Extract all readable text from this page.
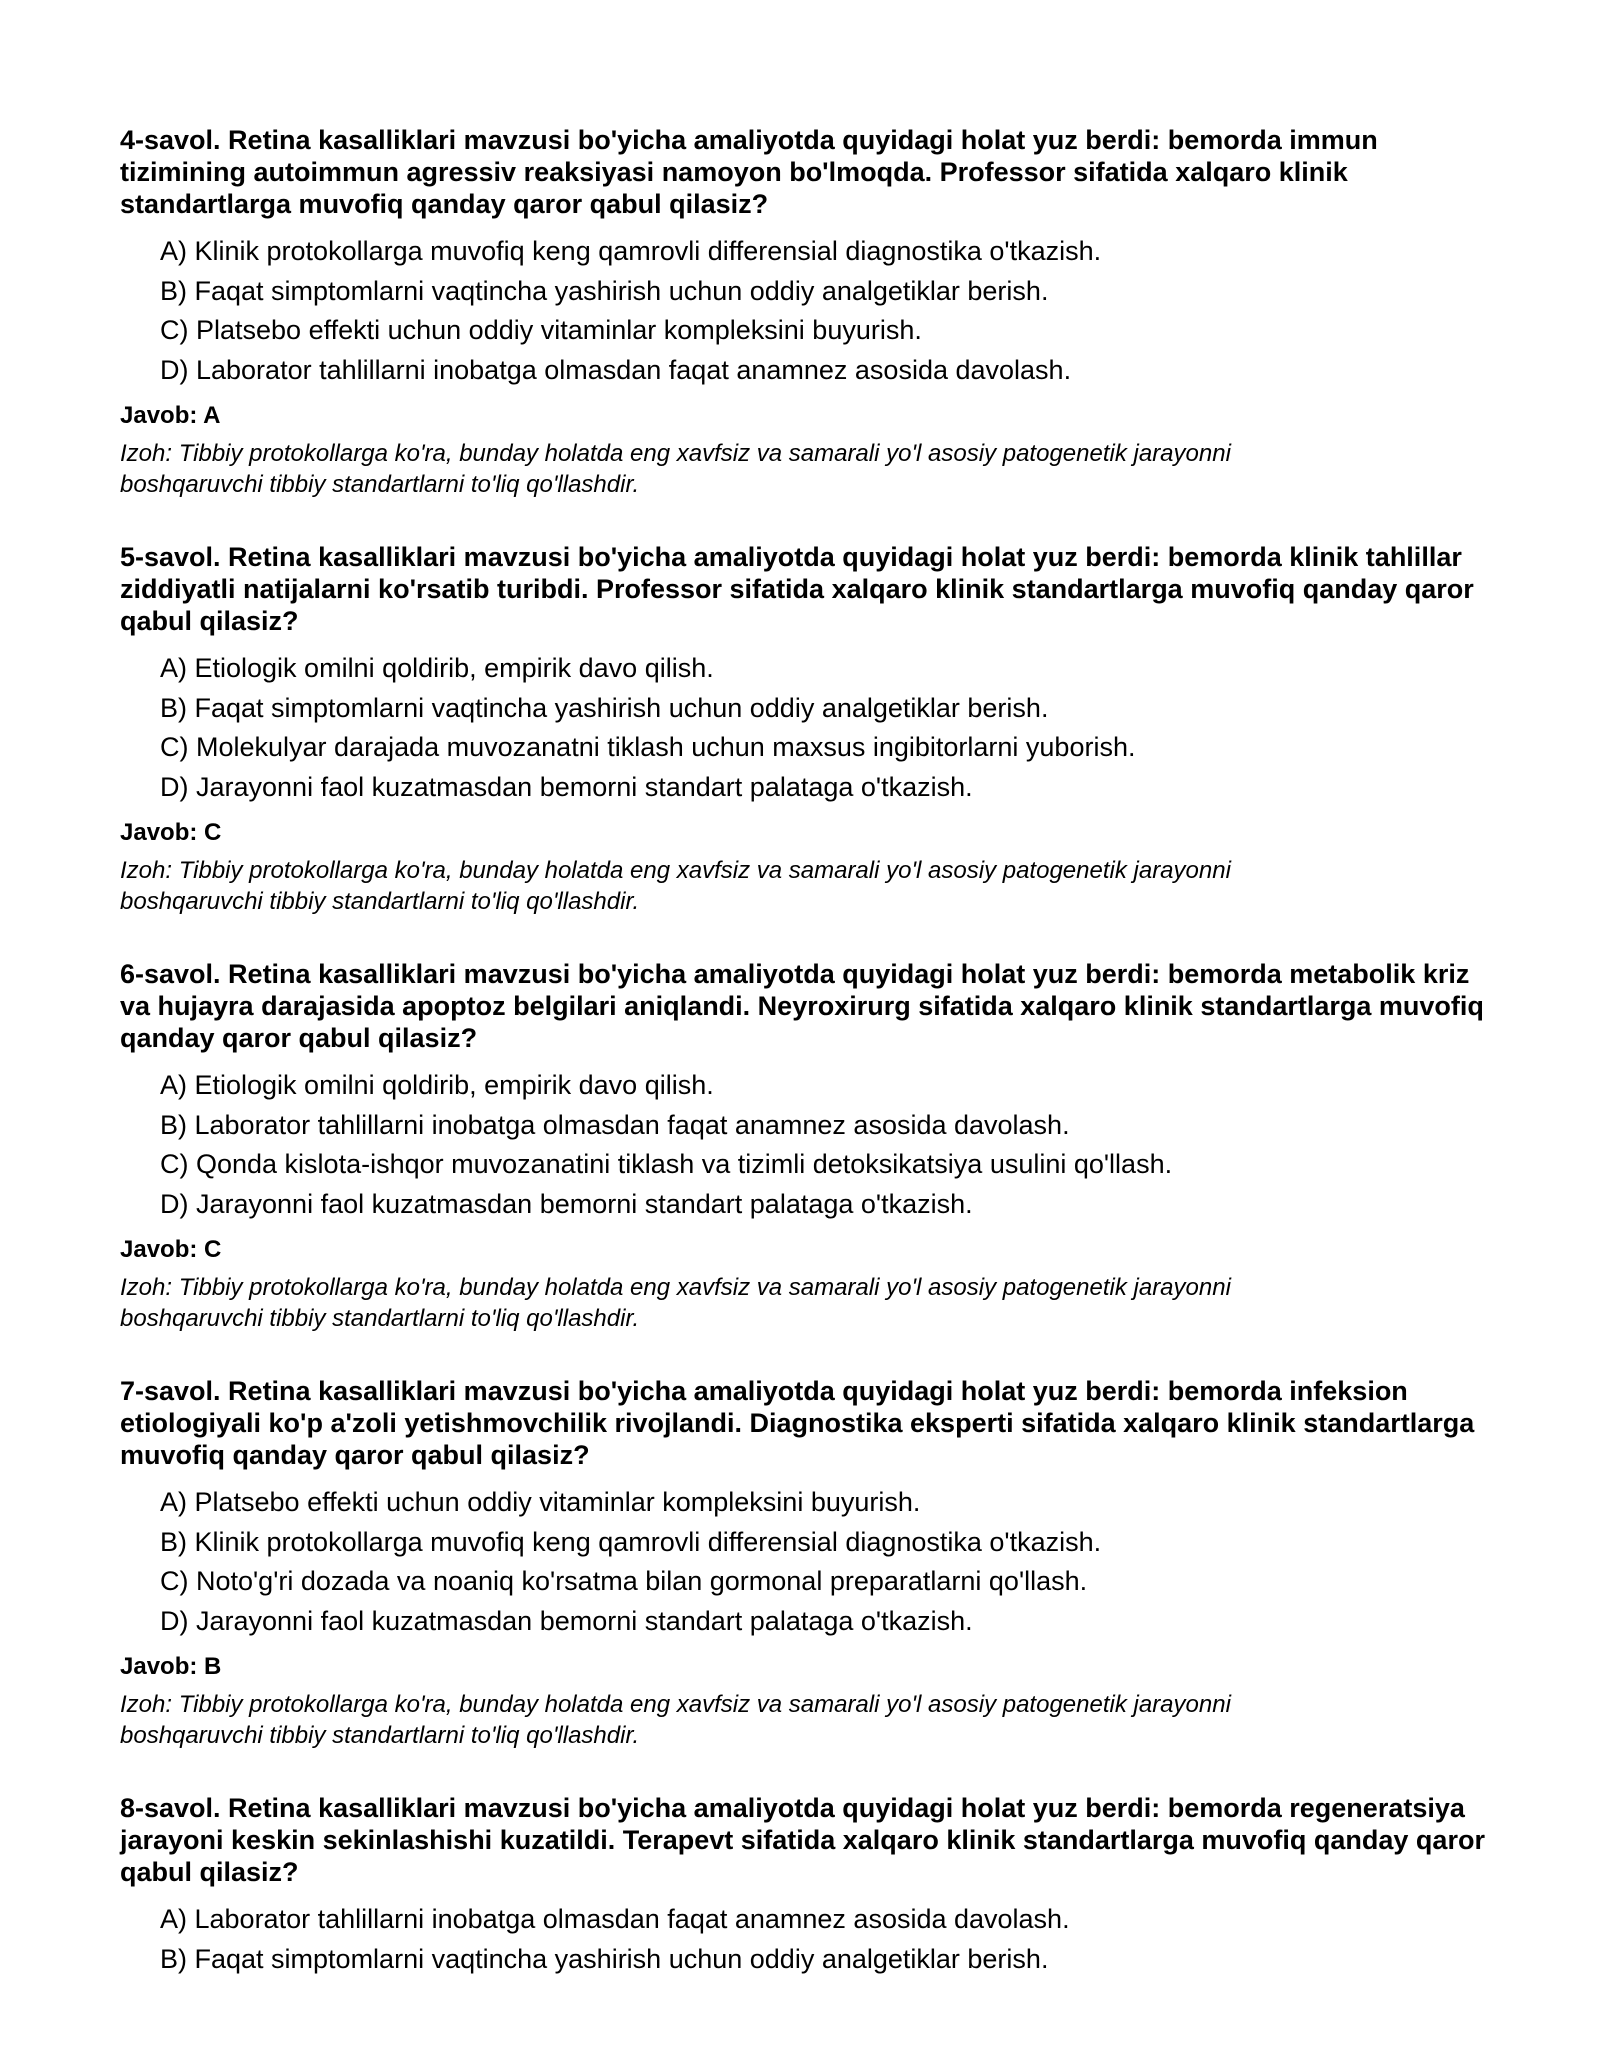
4-savol. Retina kasalliklari mavzusi bo'yicha amaliyotda quyidagi holat yuz berdi: bemorda immun tizimining autoimmun agressiv reaksiyasi namoyon bo'lmoqda. Professor sifatida xalqaro klinik standartlarga muvofiq qanday qaror qabul qilasiz?

A) Klinik protokollarga muvofiq keng qamrovli differensial diagnostika o'tkazish.
B) Faqat simptomlarni vaqtincha yashirish uchun oddiy analgetiklar berish.
C) Platsebo effekti uchun oddiy vitaminlar kompleksini buyurish.
D) Laborator tahlillarni inobatga olmasdan faqat anamnez asosida davolash.
Javob: A
Izoh: Tibbiy protokollarga ko'ra, bunday holatda eng xavfsiz va samarali yo'l asosiy patogenetik jarayonni boshqaruvchi tibbiy standartlarni to'liq qo'llashdir.

5-savol. Retina kasalliklari mavzusi bo'yicha amaliyotda quyidagi holat yuz berdi: bemorda klinik tahlillar ziddiyatli natijalarni ko'rsatib turibdi. Professor sifatida xalqaro klinik standartlarga muvofiq qanday qaror qabul qilasiz?

A) Etiologik omilni qoldirib, empirik davo qilish.
B) Faqat simptomlarni vaqtincha yashirish uchun oddiy analgetiklar berish.
C) Molekulyar darajada muvozanatni tiklash uchun maxsus ingibitorlarni yuborish.
D) Jarayonni faol kuzatmasdan bemorni standart palataga o'tkazish.
Javob: C
Izoh: Tibbiy protokollarga ko'ra, bunday holatda eng xavfsiz va samarali yo'l asosiy patogenetik jarayonni boshqaruvchi tibbiy standartlarni to'liq qo'llashdir.

6-savol. Retina kasalliklari mavzusi bo'yicha amaliyotda quyidagi holat yuz berdi: bemorda metabolik kriz va hujayra darajasida apoptoz belgilari aniqlandi. Neyroxirurg sifatida xalqaro klinik standartlarga muvofiq qanday qaror qabul qilasiz?

A) Etiologik omilni qoldirib, empirik davo qilish.
B) Laborator tahlillarni inobatga olmasdan faqat anamnez asosida davolash.
C) Qonda kislota-ishqor muvozanatini tiklash va tizimli detoksikatsiya usulini qo'llash.
D) Jarayonni faol kuzatmasdan bemorni standart palataga o'tkazish.
Javob: C
Izoh: Tibbiy protokollarga ko'ra, bunday holatda eng xavfsiz va samarali yo'l asosiy patogenetik jarayonni boshqaruvchi tibbiy standartlarni to'liq qo'llashdir.

7-savol. Retina kasalliklari mavzusi bo'yicha amaliyotda quyidagi holat yuz berdi: bemorda infeksion etiologiyali ko'p a'zoli yetishmovchilik rivojlandi. Diagnostika eksperti sifatida xalqaro klinik standartlarga muvofiq qanday qaror qabul qilasiz?

A) Platsebo effekti uchun oddiy vitaminlar kompleksini buyurish.
B) Klinik protokollarga muvofiq keng qamrovli differensial diagnostika o'tkazish.
C) Noto'g'ri dozada va noaniq ko'rsatma bilan gormonal preparatlarni qo'llash.
D) Jarayonni faol kuzatmasdan bemorni standart palataga o'tkazish.
Javob: B
Izoh: Tibbiy protokollarga ko'ra, bunday holatda eng xavfsiz va samarali yo'l asosiy patogenetik jarayonni boshqaruvchi tibbiy standartlarni to'liq qo'llashdir.

8-savol. Retina kasalliklari mavzusi bo'yicha amaliyotda quyidagi holat yuz berdi: bemorda regeneratsiya jarayoni keskin sekinlashishi kuzatildi. Terapevt sifatida xalqaro klinik standartlarga muvofiq qanday qaror qabul qilasiz?

A) Laborator tahlillarni inobatga olmasdan faqat anamnez asosida davolash.
B) Faqat simptomlarni vaqtincha yashirish uchun oddiy analgetiklar berish.
